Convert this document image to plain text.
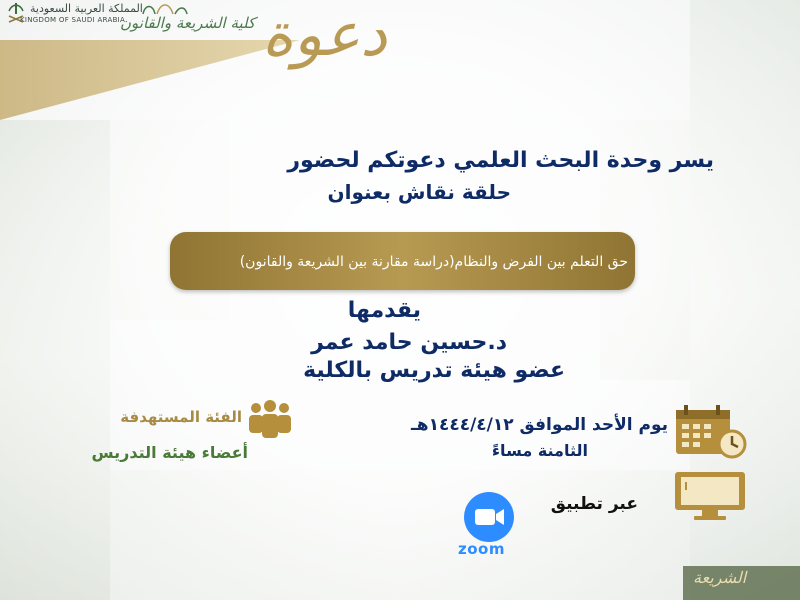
المملكة العربية السعودية
KINGDOM OF SAUDI ARABIA
كلية الشريعة والقانون دعوة
يسر وحدة البحث العلمي دعوتكم لحضور
حلقة نقاش بعنوان
حق التعلم بين الفرض والنظام(دراسة مقارنة بين الشريعة والقانون)
يقدمها
د.حسين حامد عمر
عضو هيئة تدريس بالكلية
الفئة المستهدفة
أعضاء هيئة التدريس
يوم الأحد الموافق ١٤٤٤/٤/١٢هـ
الثامنة مساءً
عبر تطبيق
zoom
الشريعة
